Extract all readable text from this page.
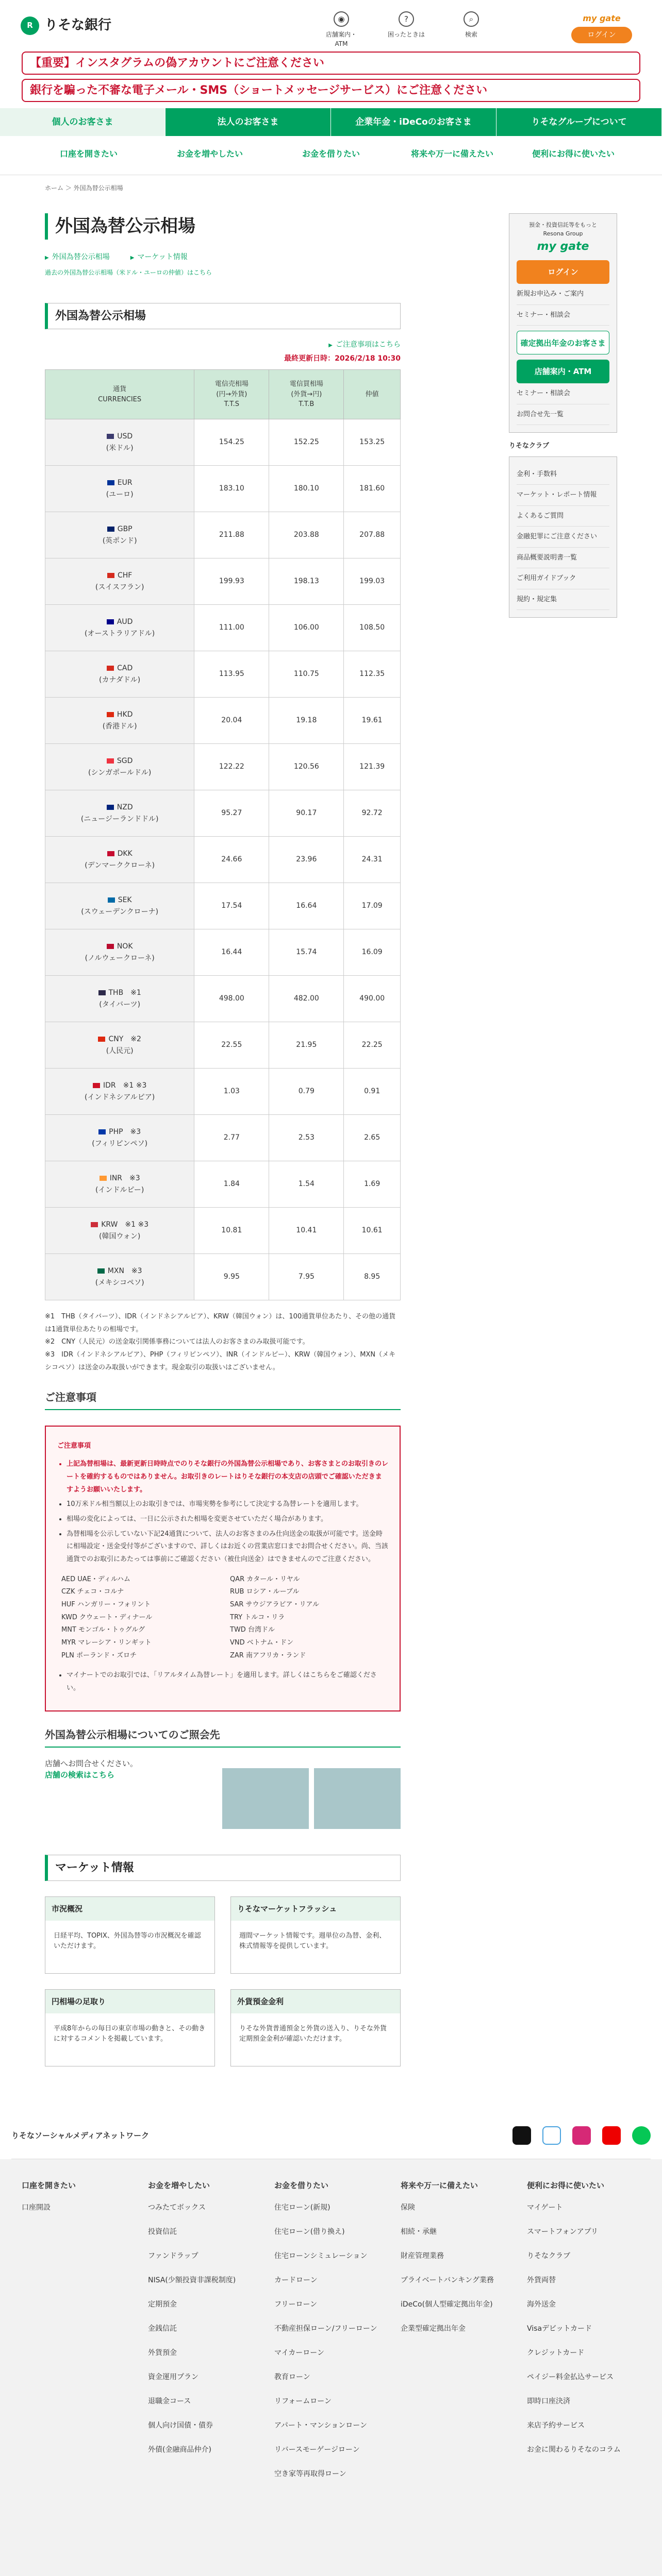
R りそな銀行	◉
店舗案内・ATM
?
困ったときは
⌕
検索
my gate
ログイン
【重要】インスタグラムの偽アカウントにご注意ください
銀行を騙った不審な電子メール・SMS（ショートメッセージサービス）にご注意ください
個人のお客さま	法人のお客さま	企業年金・iDeCoのお客さま	りそなグループについて
口座を開きたい	お金を増やしたい	お金を借りたい	将来や万一に備えたい	便利にお得に使いたい
ホーム ＞ 外国為替公示相場
外国為替公示相場
▶ 外国為替公示相場	▶ マーケット情報
過去の外国為替公示相場（米ドル・ユーロの仲値）はこちら
外国為替公示相場
▶ ご注意事項はこちら
最終更新日時：2026/2/18 10:30
通貨
CURRENCIES	電信売相場
(円→外貨)
T.T.S	電信買相場
(外貨→円)
T.T.B	仲値
USD
(米ドル)	154.25	152.25	153.25
EUR
(ユーロ)	183.10	180.10	181.60
GBP
(英ポンド)	211.88	203.88	207.88
CHF
(スイスフラン)	199.93	198.13	199.03
AUD
(オーストラリアドル)	111.00	106.00	108.50
CAD
(カナダドル)	113.95	110.75	112.35
HKD
(香港ドル)	20.04	19.18	19.61
SGD
(シンガポールドル)	122.22	120.56	121.39
NZD
(ニュージーランドドル)	95.27	90.17	92.72
DKK
(デンマーククローネ)	24.66	23.96	24.31
SEK
(スウェーデンクローナ)	17.54	16.64	17.09
NOK
(ノルウェークローネ)	16.44	15.74	16.09
THB　※1
(タイバーツ)	498.00	482.00	490.00
CNY　※2
(人民元)	22.55	21.95	22.25
IDR　※1 ※3
(インドネシアルピア)	1.03	0.79	0.91
PHP　※3
(フィリピンペソ)	2.77	2.53	2.65
INR　※3
(インドルピー)	1.84	1.54	1.69
KRW　※1 ※3
(韓国ウォン)	10.81	10.41	10.61
MXN　※3
(メキシコペソ)	9.95	7.95	8.95

※1　THB（タイバーツ）、IDR（インドネシアルピア）、KRW（韓国ウォン）は、100通貨単位あたり、その他の通貨は1通貨単位あたりの相場です。

※2　CNY（人民元）の送金取引関係事務については法人のお客さまのみ取扱可能です。

※3　IDR（インドネシアルピア）、PHP（フィリピンペソ）、INR（インドルピー）、KRW（韓国ウォン）、MXN（メキシコペソ）は送金のみ取扱いができます。現金取引の取扱いはございません。

ご注意事項
ご注意事項
• 上記為替相場は、最新更新日時時点でのりそな銀行の外国為替公示相場であり、お客さまとのお取引きのレートを確約するものではありません。お取引きのレートはりそな銀行の本支店の店頭でご確認いただきますようお願いいたします。
• 10万米ドル相当額以上のお取引きでは、市場実勢を参考にして決定する為替レートを適用します。
• 相場の変化によっては、一日に公示された相場を変更させていただく場合があります。
• 為替相場を公示していない下記24通貨について、法人のお客さまのみ仕向送金の取扱が可能です。送金時に相場設定・送金受付等がございますので、詳しくはお近くの営業店窓口までお問合せください。尚、当該通貨でのお取引にあたっては事前にご確認ください（被仕向送金）はできませんのでご注意ください。
AED UAE・ディルハム	QAR カタール・リヤル
CZK チェコ・コルナ	RUB ロシア・ルーブル
HUF ハンガリー・フォリント	SAR サウジアラビア・リアル
KWD クウェート・ディナール	TRY トルコ・リラ
MNT モンゴル・トゥグルグ	TWD 台湾ドル
MYR マレーシア・リンギット	VND ベトナム・ドン
PLN ポーランド・ズロチ	ZAR 南アフリカ・ランド
• マイナートでのお取引では、「リアルタイム為替レート」を適用します。詳しくはこちらをご確認ください。
外国為替公示相場についてのご照会先
店舗へお問合せください。
店舗の検索はこちら
マーケット情報
市況概況
日経平均、TOPIX、外国為替等の市況概況を確認いただけます。
りそなマーケットフラッシュ
週間マーケット情報です。週単位の為替、金利、株式情報等を提供しています。
円相場の足取り
平成8年からの毎日の東京市場の動きと、その動きに対するコメントを掲載しています。
外貨預金金利
りそな外貨普通預金と外貨の送入り、りそな外貨定期預金金利が確認いただけます。
預金・投資信託等をもっと
Resona Group
my gate
ログイン
新規お申込み・ご案内
セミナー・相談会
確定拠出年金のお客さま
店舗案内・ATM
セミナー・相談会
お問合せ先一覧
りそなクラブ
金利・手数料
マーケット・レポート情報
よくあるご質問
金融犯罪にご注意ください
商品概要説明書一覧
ご利用ガイドブック
規約・規定集
りそなソーシャルメディアネットワーク
口座を開きたい
口座開設
お金を増やしたい
つみたてボックス
投資信託
ファンドラップ
NISA(少額投資非課税制度)
定期預金
金銭信託
外貨預金
資金運用プラン
退職金コース
個人向け国債・債券
外債(金融商品仲介)
お金を借りたい
住宅ローン(新規)
住宅ローン(借り換え)
住宅ローンシミュレーション
カードローン
フリーローン
不動産担保ローン/フリーローン
マイカーローン
教育ローン
リフォームローン
アパート・マンションローン
リバースモーゲージローン
空き家等再取得ローン
将来や万一に備えたい
保険
相続・承継
財産管理業務
プライベートバンキング業務
iDeCo(個人型確定拠出年金)
企業型確定拠出年金
便利にお得に使いたい
マイゲート
スマートフォンアプリ
りそなクラブ
外貨両替
海外送金
Visaデビットカード
クレジットカード
ペイジー料金払込サービス
即時口座決済
来店予約サービス
お金に関わるりそなのコラム
